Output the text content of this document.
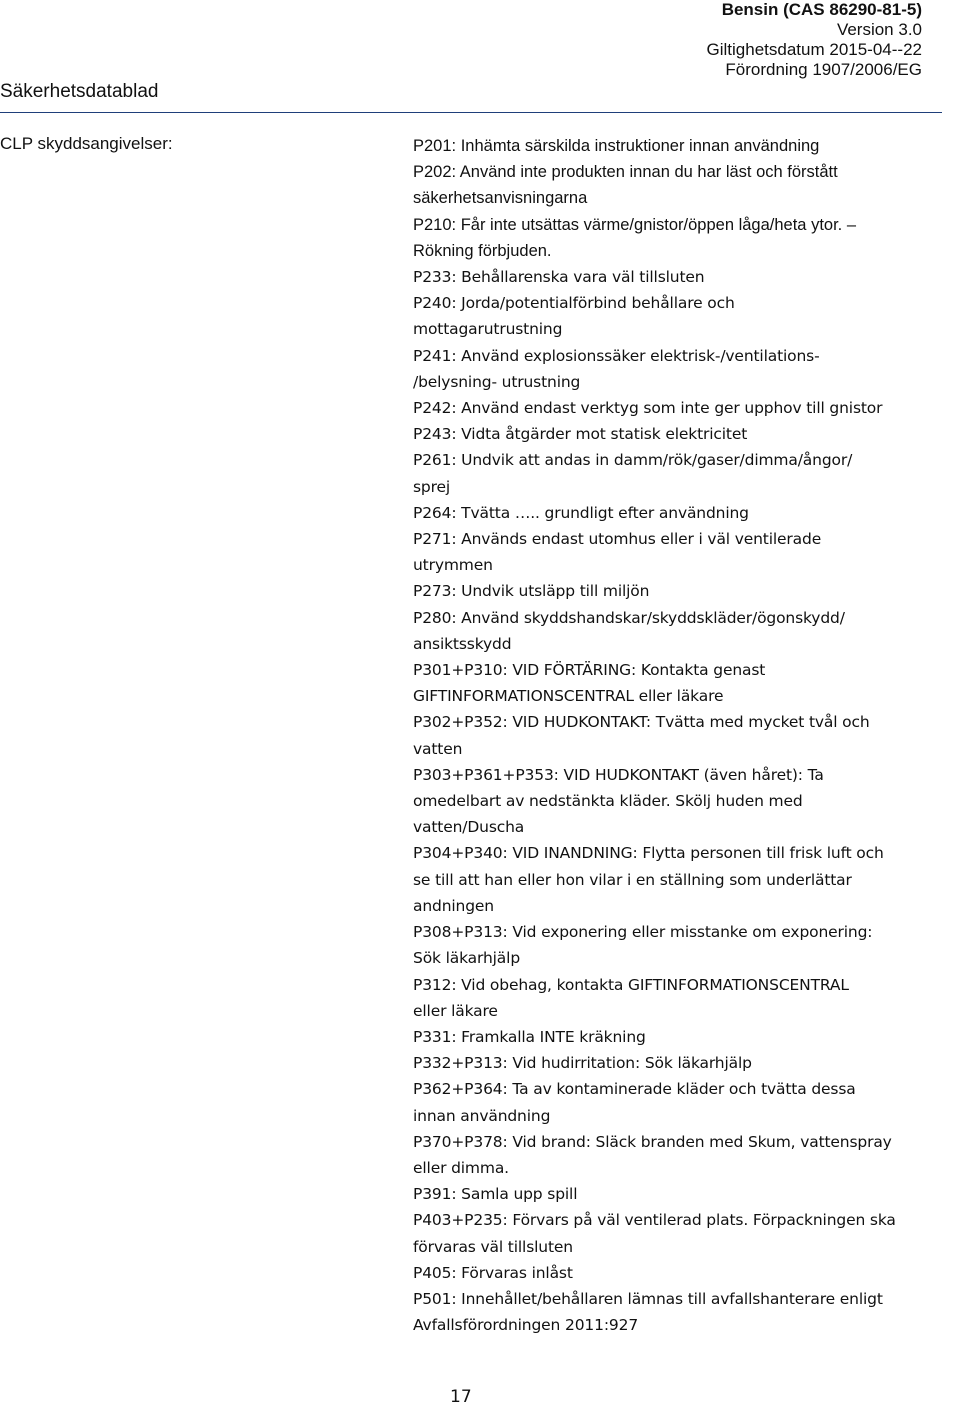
Bensin (CAS 86290-81-5)
Version 3.0
Giltighetsdatum 2015-04--22
Förordning 1907/2006/EG
Säkerhetsdatablad
CLP skyddsangivelser:	P201: Inhämta särskilda instruktioner innan användning
P202: Använd inte produkten innan du har läst och förstått
säkerhetsanvisningarna
P210: Får inte utsättas värme/gnistor/öppen låga/heta ytor. –
Rökning förbjuden.
P233: Behållarenska vara väl tillsluten
P240: Jorda/potentialförbind behållare och
mottagarutrustning
P241: Använd explosionssäker elektrisk-/ventilations-
/belysning- utrustning
P242: Använd endast verktyg som inte ger upphov till gnistor
P243: Vidta åtgärder mot statisk elektricitet
P261: Undvik att andas in damm/rök/gaser/dimma/ångor/
sprej
P264: Tvätta ….. grundligt efter användning
P271: Används endast utomhus eller i väl ventilerade
utrymmen
P273: Undvik utsläpp till miljön
P280: Använd skyddshandskar/skyddskläder/ögonskydd/
ansiktsskydd
P301+P310: VID FÖRTÄRING: Kontakta genast
GIFTINFORMATIONSCENTRAL eller läkare
P302+P352: VID HUDKONTAKT: Tvätta med mycket tvål och
vatten
P303+P361+P353: VID HUDKONTAKT (även håret): Ta
omedelbart av nedstänkta kläder. Skölj huden med
vatten/Duscha
P304+P340: VID INANDNING: Flytta personen till frisk luft och
se till att han eller hon vilar i en ställning som underlättar
andningen
P308+P313: Vid exponering eller misstanke om exponering:
Sök läkarhjälp
P312: Vid obehag, kontakta GIFTINFORMATIONSCENTRAL
eller läkare
P331: Framkalla INTE kräkning
P332+P313: Vid hudirritation: Sök läkarhjälp
P362+P364: Ta av kontaminerade kläder och tvätta dessa
innan användning
P370+P378: Vid brand: Släck branden med Skum, vattenspray
eller dimma.
P391: Samla upp spill
P403+P235: Förvars på väl ventilerad plats. Förpackningen ska
förvaras väl tillsluten
P405: Förvaras inlåst
P501: Innehållet/behållaren lämnas till avfallshanterare enligt
Avfallsförordningen 2011:927
17
